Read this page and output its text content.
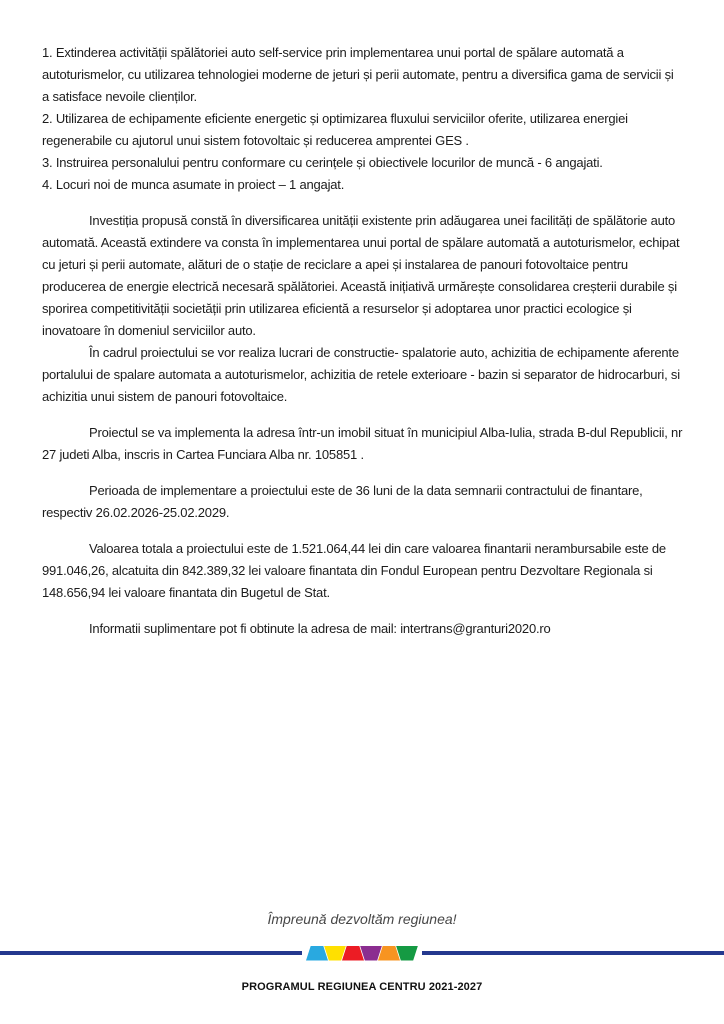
1. Extinderea activității spălătoriei auto self-service prin implementarea unui portal de spălare automată a autoturismelor, cu utilizarea tehnologiei moderne de jeturi și perii automate, pentru a diversifica gama de servicii și a satisface nevoile clienților.

2. Utilizarea de echipamente eficiente energetic și optimizarea fluxului serviciilor oferite, utilizarea energiei regenerabile cu ajutorul unui sistem fotovoltaic și reducerea amprentei GES .

3. Instruirea personalului pentru conformare cu cerințele și obiectivele locurilor de muncă - 6 angajati.

4. Locuri noi de munca asumate in proiect – 1 angajat.

Investiția propusă constă în diversificarea unității existente prin adăugarea unei facilități de spălătorie auto automată. Această extindere va consta în implementarea unui portal de spălare automată a autoturismelor, echipat cu jeturi și perii automate, alături de o stație de reciclare a apei și instalarea de panouri fotovoltaice pentru producerea de energie electrică necesară spălătoriei. Această inițiativă urmărește consolidarea creșterii durabile și sporirea competitivității societății prin utilizarea eficientă a resurselor și adoptarea unor practici ecologice și inovatoare în domeniul serviciilor auto.

În cadrul proiectului se vor realiza lucrari de constructie- spalatorie auto, achizitia de echipamente aferente portalului de spalare automata a autoturismelor, achizitia de retele exterioare - bazin si separator de hidrocarburi, si achizitia unui sistem de panouri fotovoltaice.

Proiectul se va implementa la adresa într-un imobil situat în municipiul Alba-Iulia, strada B-dul Republicii, nr 27 judeti Alba, inscris in Cartea Funciara Alba nr. 105851 .

Perioada de implementare a proiectului este de 36 luni de la data semnarii contractului de finantare, respectiv 26.02.2026-25.02.2029.

Valoarea totala a proiectului este de 1.521.064,44 lei din care valoarea finantarii nerambursabile este de 991.046,26, alcatuita din 842.389,32 lei valoare finantata din Fondul European pentru Dezvoltare Regionala si 148.656,94 lei valoare finantata din Bugetul de Stat.

Informatii suplimentare pot fi obtinute la adresa de mail: intertrans@granturi2020.ro

Împreună dezvoltăm regiunea!
PROGRAMUL REGIUNEA CENTRU 2021-2027
